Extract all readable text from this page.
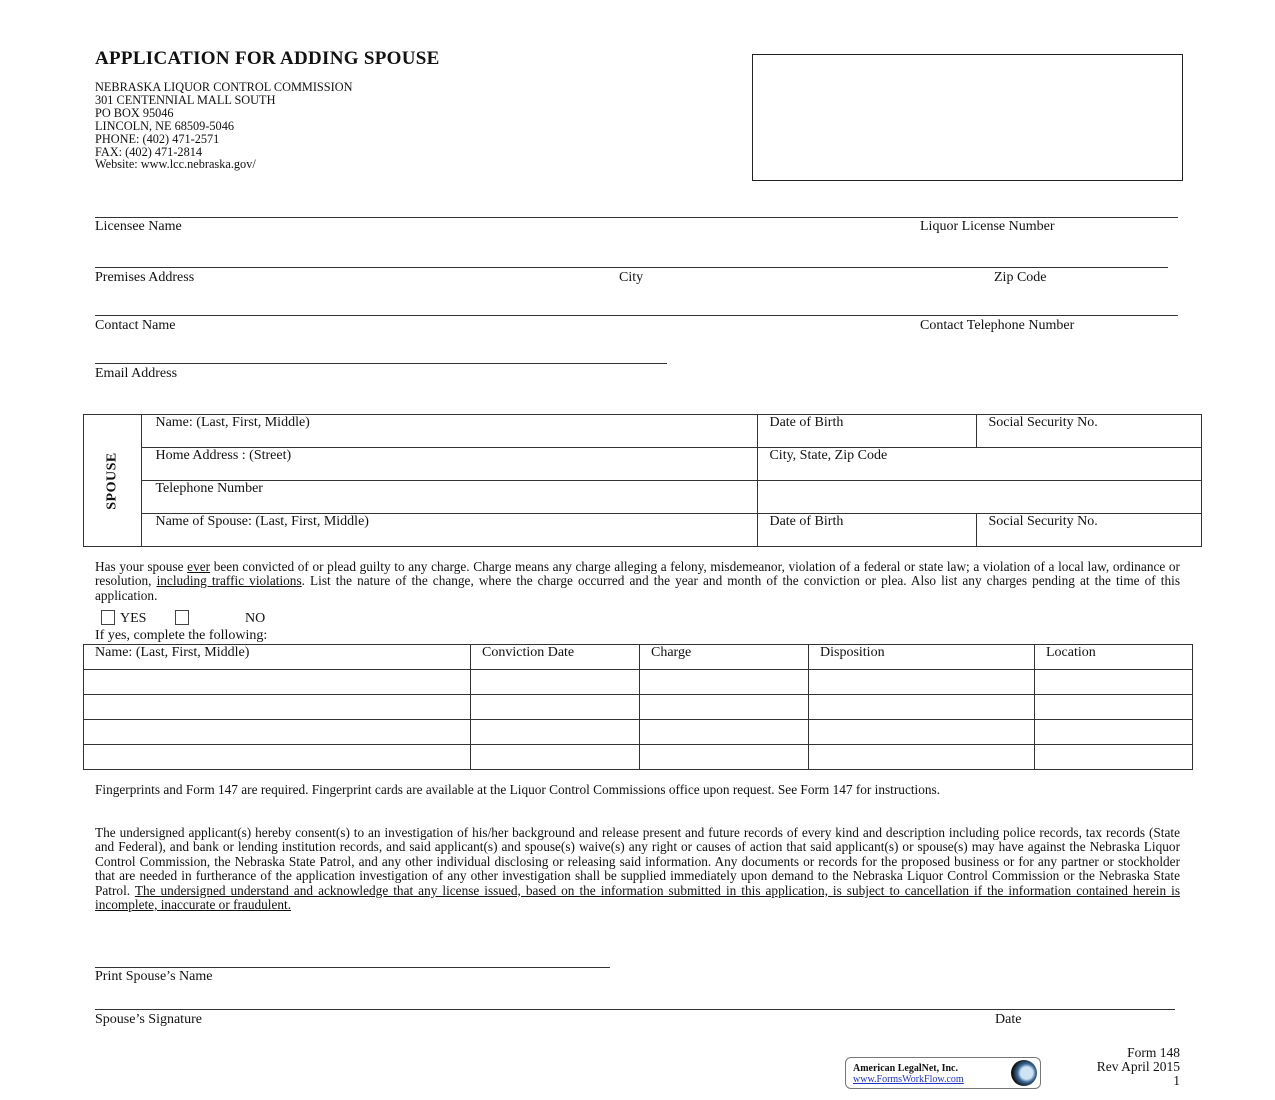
APPLICATION FOR ADDING SPOUSE
NEBRASKA LIQUOR CONTROL COMMISSION
301 CENTENNIAL MALL SOUTH
PO BOX 95046
LINCOLN, NE 68509-5046
PHONE: (402) 471-2571
FAX: (402) 471-2814
Website: www.lcc.nebraska.gov/
Licensee Name	Liquor License Number
Premises Address	City	Zip Code
Contact Name	Contact Telephone Number
Email Address
SPOUSE	Name: (Last, First, Middle)	Date of Birth	Social Security No.
	Home Address : (Street)	City, State, Zip Code	
	Telephone Number		
	Name of Spouse: (Last, First, Middle)	Date of Birth	Social Security No.
Has your spouse ever been convicted of or plead guilty to any charge. Charge means any charge alleging a felony, misdemeanor, violation of a federal or state law; a violation of a local law, ordinance or resolution, including traffic violations. List the nature of the change, where the charge occurred and the year and month of the conviction or plea. Also list any charges pending at the time of this application.
YES	NO
If yes, complete the following:
Name: (Last, First, Middle)	Conviction Date	Charge	Disposition	Location

Fingerprints and Form 147 are required. Fingerprint cards are available at the Liquor Control Commissions office upon request. See Form 147 for instructions.
The undersigned applicant(s) hereby consent(s) to an investigation of his/her background and release present and future records of every kind and description including police records, tax records (State and Federal), and bank or lending institution records, and said applicant(s) and spouse(s) waive(s) any right or causes of action that said applicant(s) or spouse(s) may have against the Nebraska Liquor Control Commission, the Nebraska State Patrol, and any other individual disclosing or releasing said information. Any documents or records for the proposed business or for any partner or stockholder that are needed in furtherance of the application investigation of any other investigation shall be supplied immediately upon demand to the Nebraska Liquor Control Commission or the Nebraska State Patrol. The undersigned understand and acknowledge that any license issued, based on the information submitted in this application, is subject to cancellation if the information contained herein is incomplete, inaccurate or fraudulent.
Print Spouse’s Name
Spouse’s Signature	Date
American LegalNet, Inc.
www.FormsWorkFlow.com
Form 148
Rev April 2015
1
